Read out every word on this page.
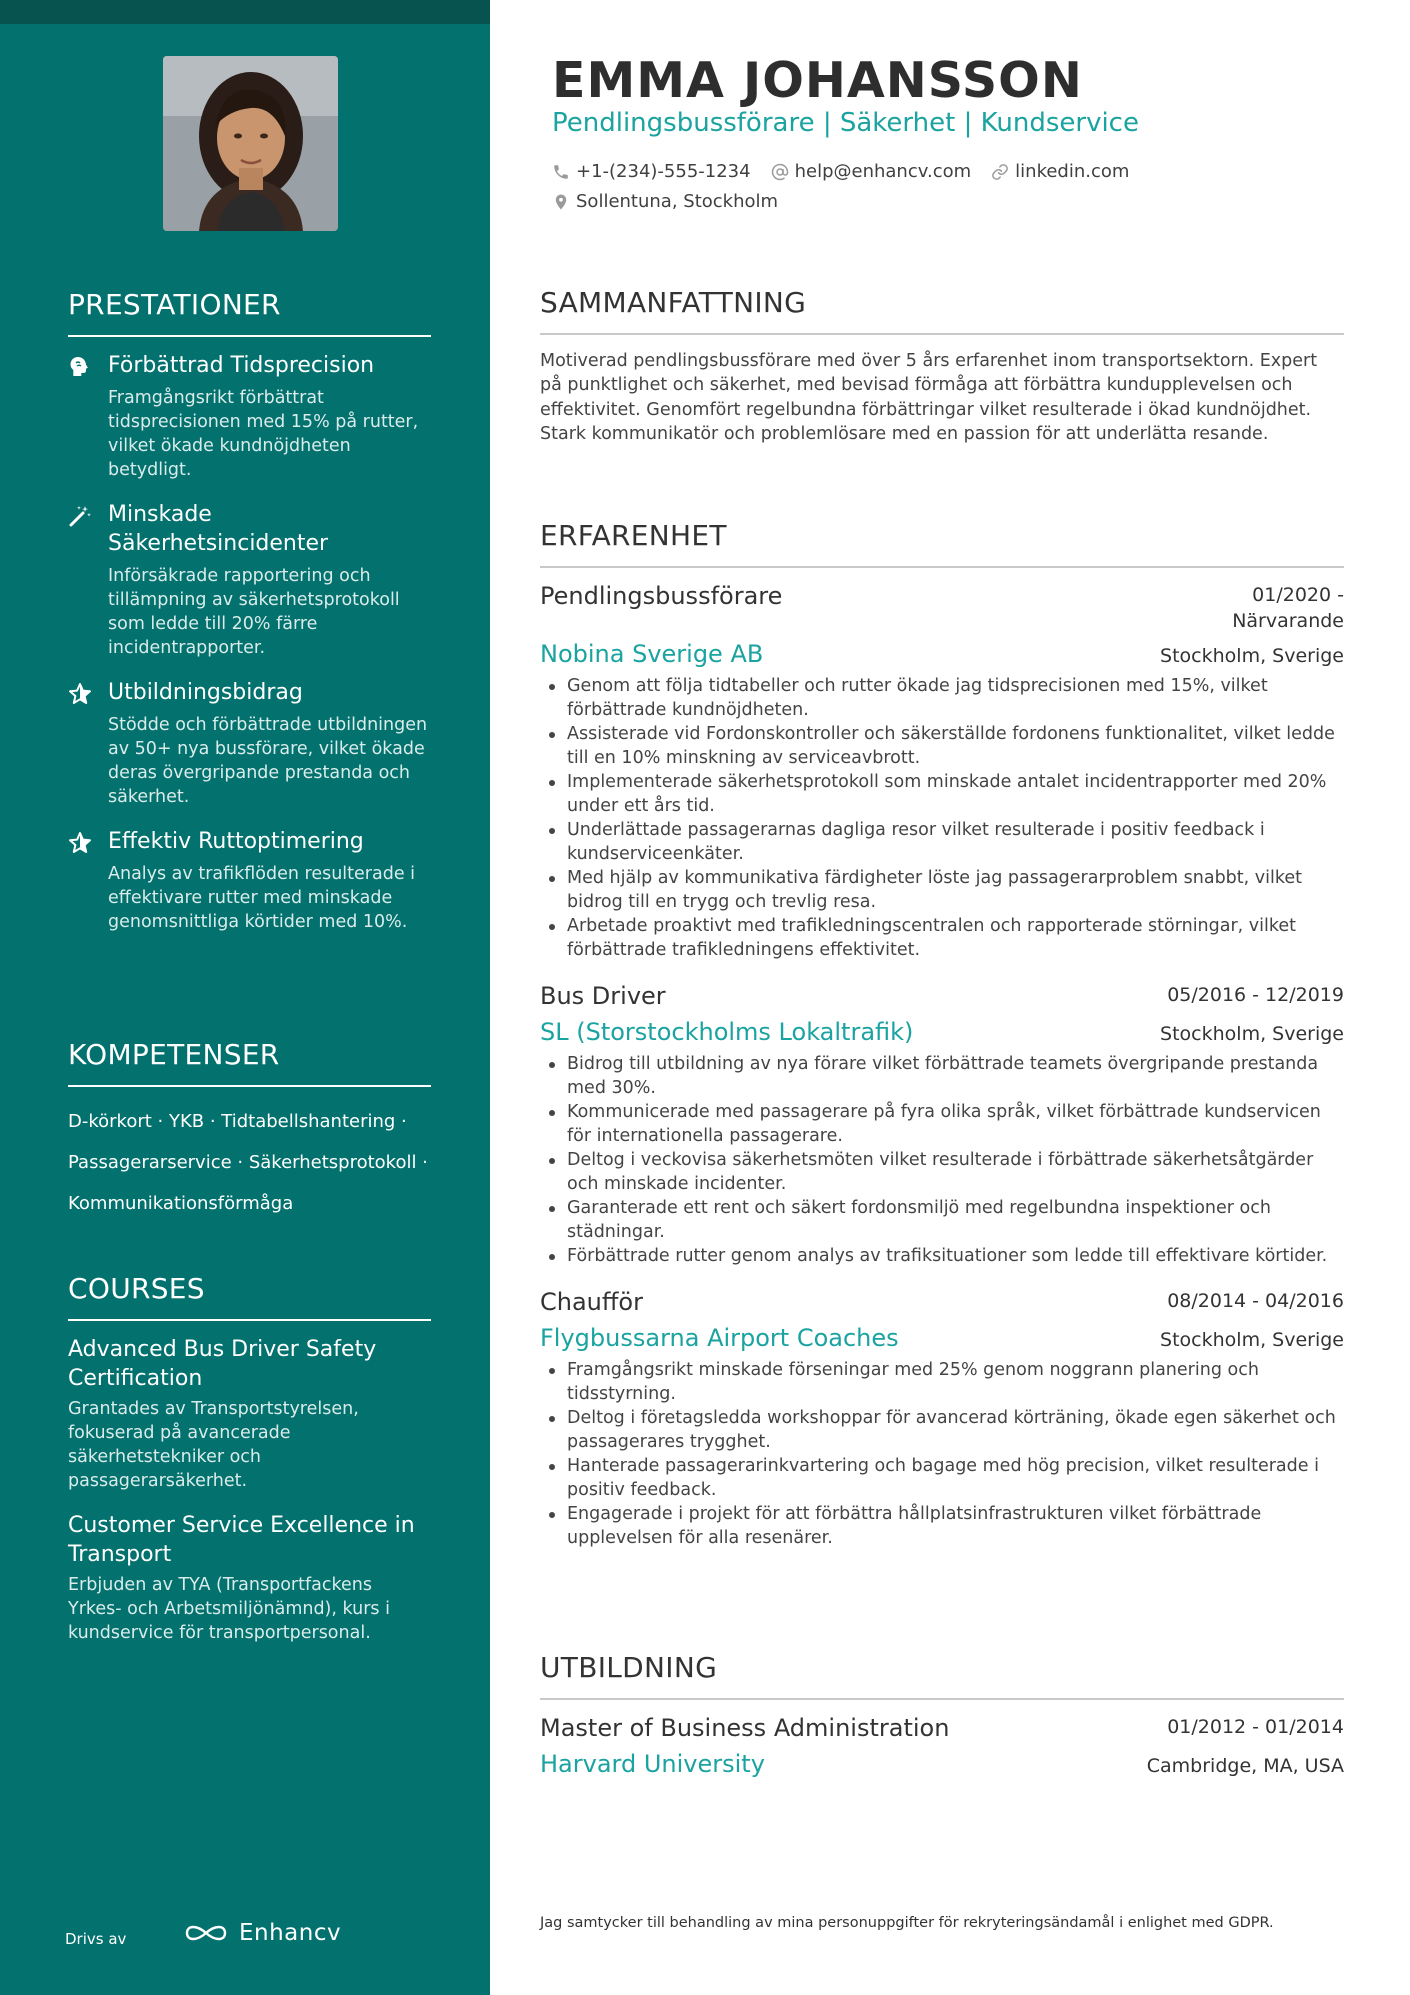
PRESTATIONER
Förbättrad Tidsprecision
Framgångsrikt förbättrat tidsprecisionen med 15% på rutter, vilket ökade kundnöjdheten betydligt.
Minskade Säkerhetsincidenter
Införsäkrade rapportering och tillämpning av säkerhetsprotokoll som ledde till 20% färre incidentrapporter.
Utbildningsbidrag
Stödde och förbättrade utbildningen av 50+ nya bussförare, vilket ökade deras övergripande prestanda och säkerhet.
Effektiv Ruttoptimering
Analys av trafikflöden resulterade i effektivare rutter med minskade genomsnittliga körtider med 10%.
KOMPETENSER
D-körkort · YKB · Tidtabellshantering ·
Passagerarservice · Säkerhetsprotokoll ·
Kommunikationsförmåga
COURSES
Advanced Bus Driver Safety Certification
Grantades av Transportstyrelsen, fokuserad på avancerade säkerhetstekniker och passagerarsäkerhet.
Customer Service Excellence in Transport
Erbjuden av TYA (Transportfackens Yrkes- och Arbetsmiljönämnd), kurs i kundservice för transportpersonal.
Drivs av	Enhancv
EMMA JOHANSSON
Pendlingsbussförare | Säkerhet | Kundservice
+1-(234)-555-1234 help@enhancv.com linkedin.com
Sollentuna, Stockholm
SAMMANFATTNING
Motiverad pendlingsbussförare med över 5 års erfarenhet inom transportsektorn. Expert på punktlighet och säkerhet, med bevisad förmåga att förbättra kundupplevelsen och effektivitet. Genomfört regelbundna förbättringar vilket resulterade i ökad kundnöjdhet. Stark kommunikatör och problemlösare med en passion för att underlätta resande.
ERFARENHET
Pendlingsbussförare	01/2020 - Närvarande
Nobina Sverige AB	Stockholm, Sverige
Genom att följa tidtabeller och rutter ökade jag tidsprecisionen med 15%, vilket förbättrade kundnöjdheten.
Assisterade vid Fordonskontroller och säkerställde fordonens funktionalitet, vilket ledde till en 10% minskning av serviceavbrott.
Implementerade säkerhetsprotokoll som minskade antalet incidentrapporter med 20% under ett års tid.
Underlättade passagerarnas dagliga resor vilket resulterade i positiv feedback i kundserviceenkäter.
Med hjälp av kommunikativa färdigheter löste jag passagerarproblem snabbt, vilket bidrog till en trygg och trevlig resa.
Arbetade proaktivt med trafikledningscentralen och rapporterade störningar, vilket förbättrade trafikledningens effektivitet.
Bus Driver	05/2016 - 12/2019
SL (Storstockholms Lokaltrafik)	Stockholm, Sverige
Bidrog till utbildning av nya förare vilket förbättrade teamets övergripande prestanda med 30%.
Kommunicerade med passagerare på fyra olika språk, vilket förbättrade kundservicen för internationella passagerare.
Deltog i veckovisa säkerhetsmöten vilket resulterade i förbättrade säkerhetsåtgärder och minskade incidenter.
Garanterade ett rent och säkert fordonsmiljö med regelbundna inspektioner och städningar.
Förbättrade rutter genom analys av trafiksituationer som ledde till effektivare körtider.
Chaufför	08/2014 - 04/2016
Flygbussarna Airport Coaches	Stockholm, Sverige
Framgångsrikt minskade förseningar med 25% genom noggrann planering och tidsstyrning.
Deltog i företagsledda workshoppar för avancerad körträning, ökade egen säkerhet och passagerares trygghet.
Hanterade passagerarinkvartering och bagage med hög precision, vilket resulterade i positiv feedback.
Engagerade i projekt för att förbättra hållplatsinfrastrukturen vilket förbättrade upplevelsen för alla resenärer.
UTBILDNING
Master of Business Administration	01/2012 - 01/2014
Harvard University	Cambridge, MA, USA
Jag samtycker till behandling av mina personuppgifter för rekryteringsändamål i enlighet med GDPR.
